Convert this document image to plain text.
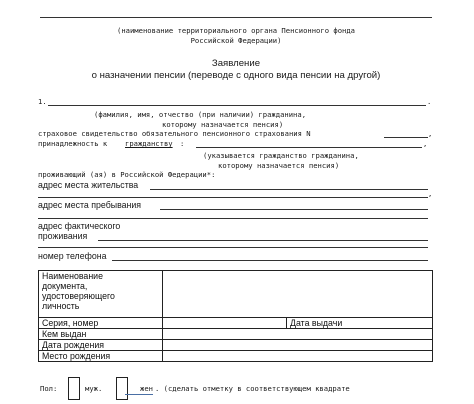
(наименование территориального органа Пенсионного фонда
Российской Федерации)
Заявление
о назначении пенсии (переводе с одного вида пенсии на другой)
1.	.
(фамилия, имя, отчество (при наличии) гражданина,
которому назначается пенсия)
страховое свидетельство обязательного пенсионного страхования N	,
принадлежность к гражданству :	,
(указывается гражданство гражданина,
которому назначается пенсия)
проживающий (ая) в Российской Федерации*:
адрес места жительства
,
адрес места пребывания
адрес фактического
проживания
номер телефона
Наименование
документа,
удостоверяющего
личность		

Серия, номер		Дата выдачи
Кем выдан		
Дата рождения		
Место рождения		
Пол:	муж.	жен . (сделать отметку в соответствующем квадрате
